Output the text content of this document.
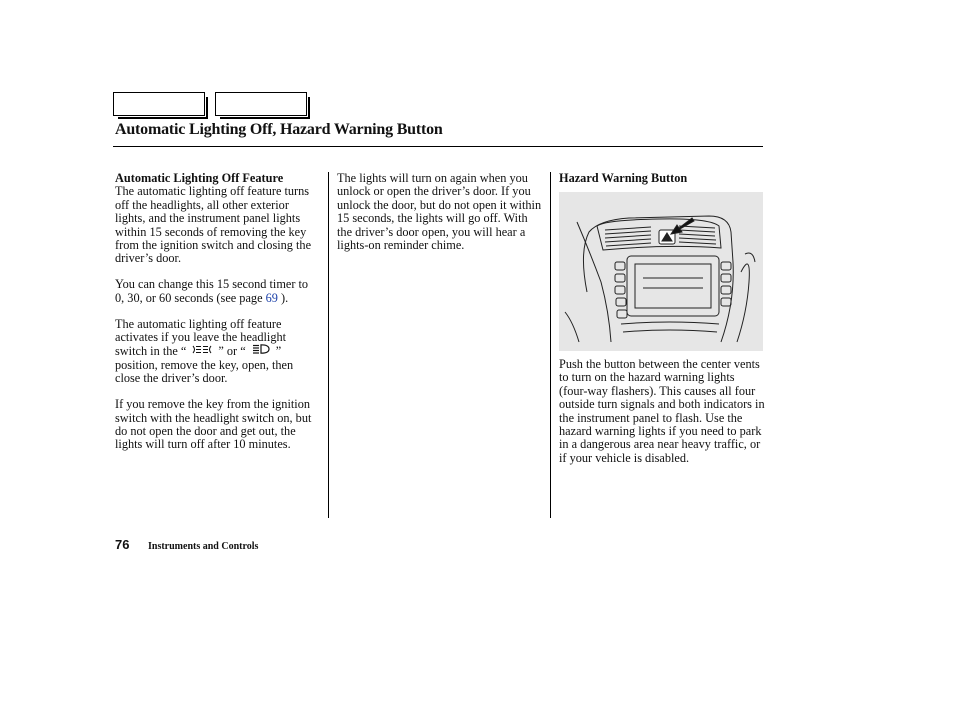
Automatic Lighting Off, Hazard Warning Button

Automatic Lighting Off Feature
The automatic lighting off feature turns off the headlights, all other exterior lights, and the instrument panel lights within 15 seconds of removing the key from the ignition switch and closing the driver’s door.

You can change this 15 second timer to 0, 30, or 60 seconds (see page 69 ).

The automatic lighting off feature activates if you leave the headlight switch in the “	” or “ ” position, remove the key, open, then close the driver’s door.

If you remove the key from the ignition switch with the headlight switch on, but do not open the door and get out, the lights will turn off after 10 minutes.

The lights will turn on again when you unlock or open the driver’s door. If you unlock the door, but do not open it within 15 seconds, the lights will go off. With the driver’s door open, you will hear a lights-on reminder chime.

Hazard Warning Button

Push the button between the center vents to turn on the hazard warning lights (four-way flashers). This causes all four outside turn signals and both indicators in the instrument panel to flash. Use the hazard warning lights if you need to park in a dangerous area near heavy traffic, or if your vehicle is disabled.

76 Instruments and Controls
